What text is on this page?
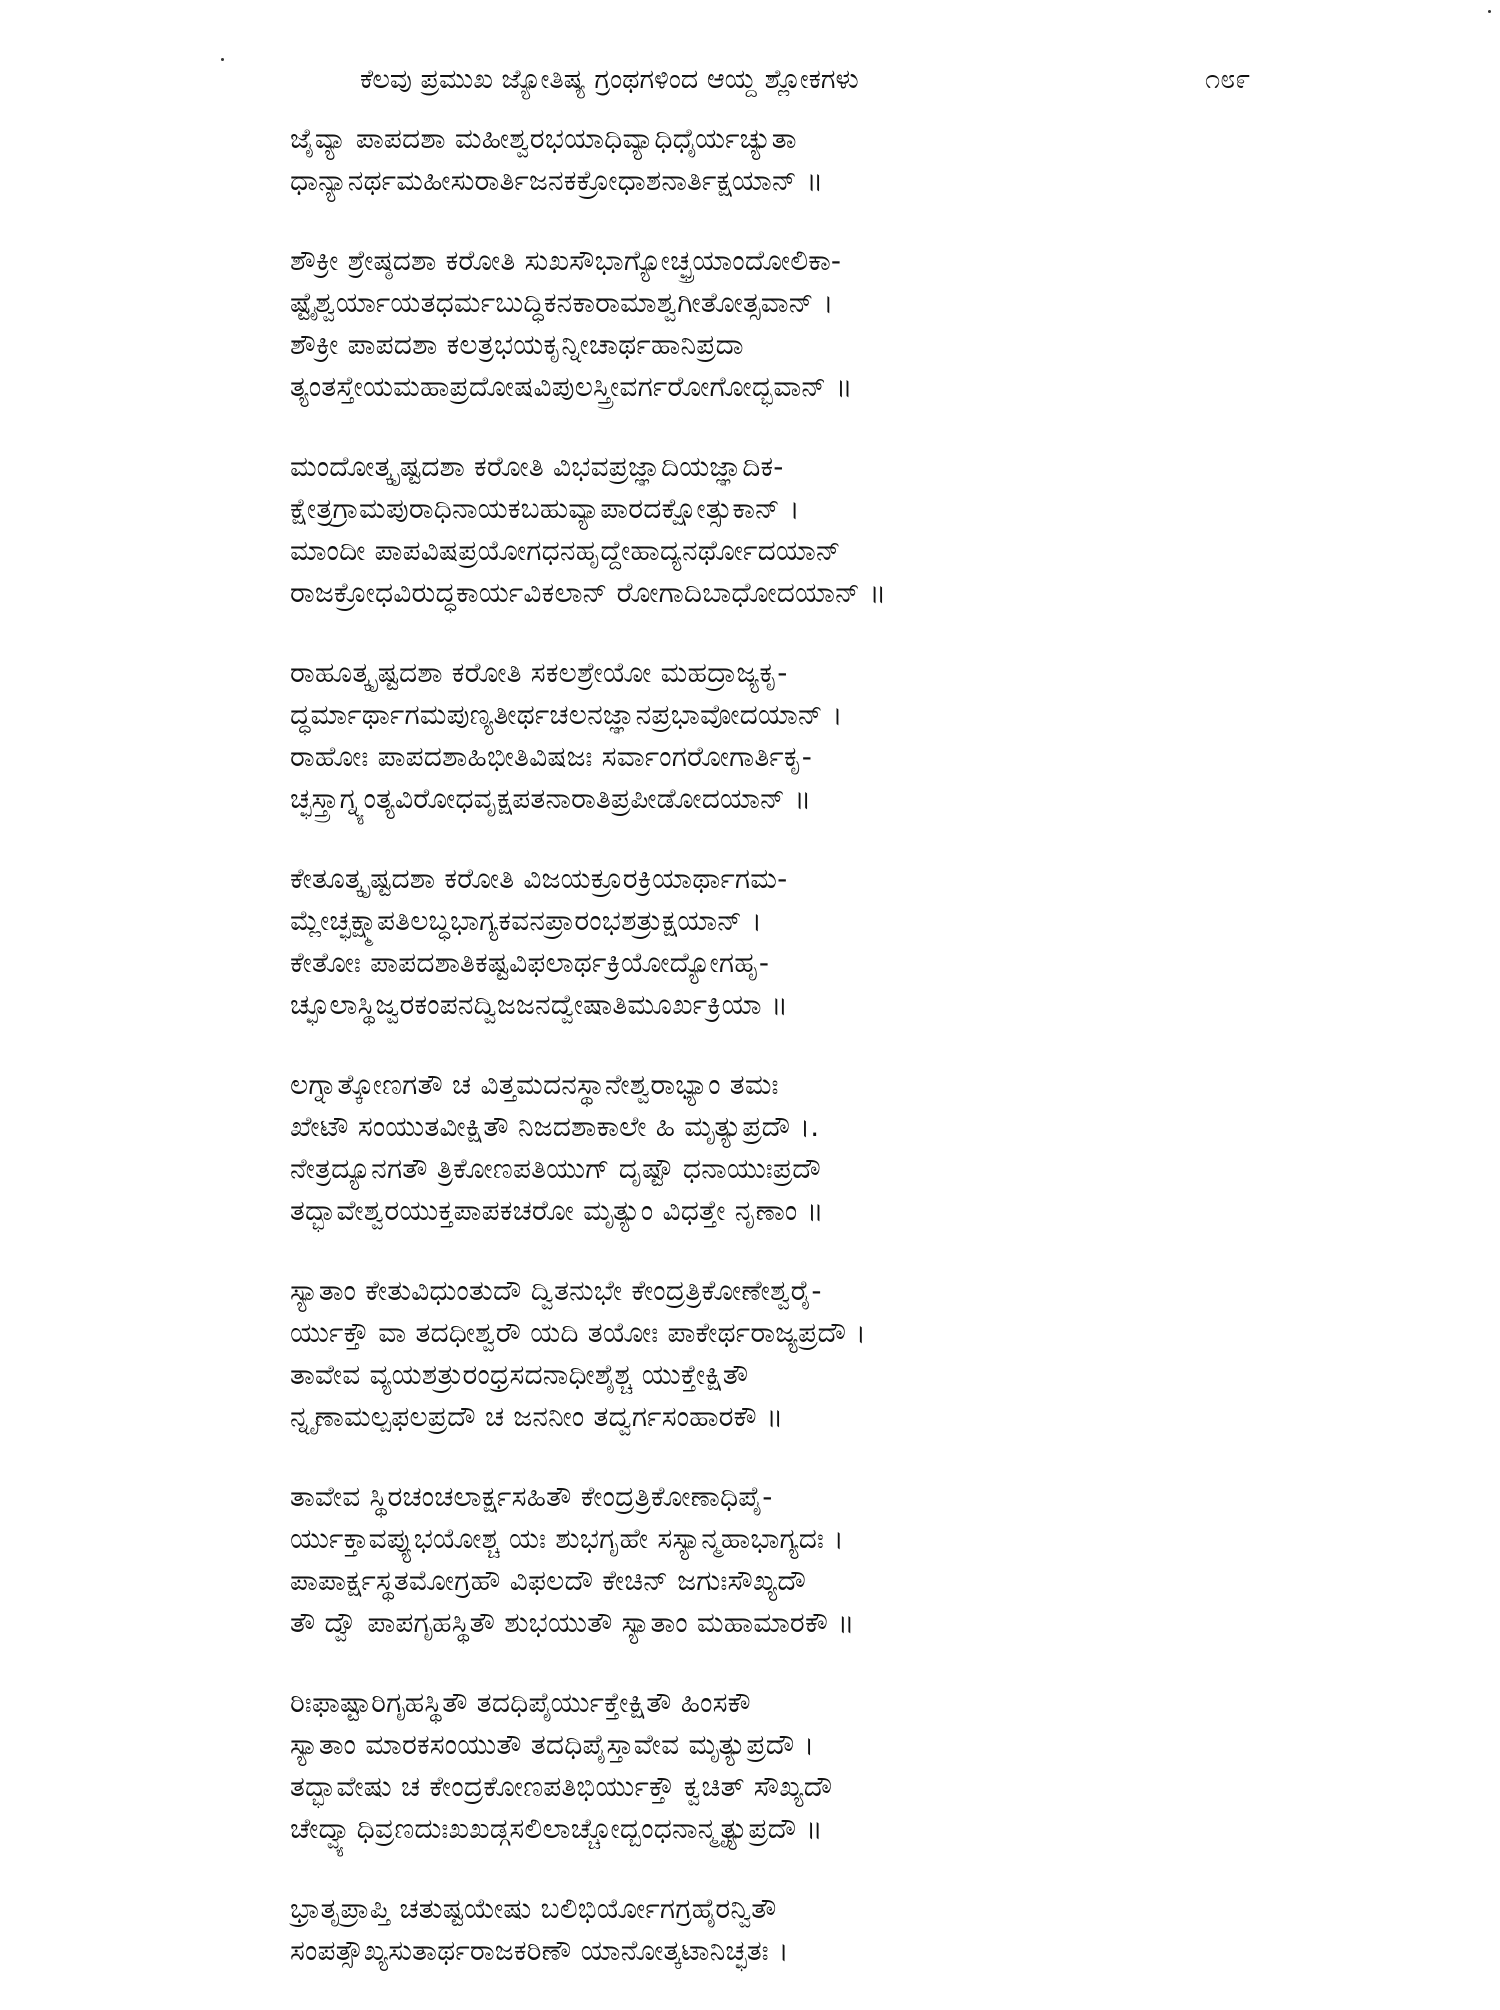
ಕೆಲವು ಪ್ರಮುಖ ಜ್ಯೋತಿಷ್ಯ ಗ್ರಂಥಗಳಿಂದ ಆಯ್ದ ಶ್ಲೋಕಗಳು	೧೮೯
ಜೈವ್ಯಾ ಪಾಪದಶಾ ಮಹೀಶ್ವರಭಯಾಧಿವ್ಯಾಧಿಧೈರ್ಯಚ್ಯುತಾ
ಧಾನ್ಯಾನರ್ಥಮಹೀಸುರಾರ್ತಿಜನಕಕ್ರೋಧಾಶನಾರ್ತಿಕ್ಷಯಾನ್ ॥
ಶೌಕ್ರೀ ಶ್ರೇಷ್ಠದಶಾ ಕರೋತಿ ಸುಖಸೌಭಾಗ್ಯೋಚ್ಛ್ರಯಾಂದೋಲಿಕಾ-
ಷ್ಟೈಶ್ವರ್ಯಾಯತಧರ್ಮಬುದ್ಧಿಕನಕಾರಾಮಾಶ್ವಗೀತೋತ್ಸವಾನ್ ।
ಶೌಕ್ರೀ ಪಾಪದಶಾ ಕಲತ್ರಭಯಕೃನ್ನೀಚಾರ್ಥಹಾನಿಪ್ರದಾ
ತ್ಯಂತಸ್ತೇಯಮಹಾಪ್ರದೋಷವಿಪುಲಸ್ತ್ರೀವರ್ಗರೋಗೋದ್ಭವಾನ್ ॥
ಮಂದೋತ್ಕೃಷ್ಟದಶಾ ಕರೋತಿ ವಿಭವಪ್ರಜ್ಞಾದಿಯಜ್ಞಾದಿಕ-
ಕ್ಷೇತ್ರಗ್ರಾಮಪುರಾಧಿನಾಯಕಬಹುವ್ಯಾಪಾರದಕ್ಷೋತ್ಸುಕಾನ್ ।
ಮಾಂದೀ ಪಾಪವಿಷಪ್ರಯೋಗಧನಹೃದ್ದೇಹಾದ್ಯನರ್ಥೋದಯಾನ್
ರಾಜಕ್ರೋಧವಿರುದ್ಧಕಾರ್ಯವಿಕಲಾನ್ ರೋಗಾದಿಬಾಧೋದಯಾನ್ ॥
ರಾಹೂತ್ಕೃಷ್ಟದಶಾ ಕರೋತಿ ಸಕಲಶ್ರೇಯೋ ಮಹದ್ರಾಜ್ಯಕೃ-
ದ್ಧರ್ಮಾರ್ಥಾಗಮಪುಣ್ಯತೀರ್ಥಚಲನಜ್ಞಾನಪ್ರಭಾವೋದಯಾನ್ ।
ರಾಹೋಃ ಪಾಪದಶಾಹಿಭೀತಿವಿಷಜಃ ಸರ್ವಾಂಗರೋಗಾರ್ತಿಕೃ-
ಚ್ಛಸ್ತ್ರಾಗ್ನ್ಯಂತ್ಯವಿರೋಧವೃಕ್ಷಪತನಾರಾತಿಪ್ರಪೀಡೋದಯಾನ್ ॥
ಕೇತೂತ್ಕೃಷ್ಟದಶಾ ಕರೋತಿ ವಿಜಯಕ್ರೂರಕ್ರಿಯಾರ್ಥಾಗಮ-
ಮ್ಲೇಚ್ಛಕ್ಷ್ಮಾಪತಿಲಬ್ಧಭಾಗ್ಯಕವನಪ್ರಾರಂಭಶತ್ರುಕ್ಷಯಾನ್ ।
ಕೇತೋಃ ಪಾಪದಶಾತಿಕಷ್ಟವಿಫಲಾರ್ಥಕ್ರಿಯೋದ್ಯೋಗಹೃ-
ಚ್ಛೂಲಾಸ್ಥಿಜ್ವರಕಂಪನದ್ವಿಜಜನದ್ವೇಷಾತಿಮೂರ್ಖಕ್ರಿಯಾ ॥
ಲಗ್ನಾತ್ಕೋಣಗತೌ ಚ ವಿತ್ತಮದನಸ್ಥಾನೇಶ್ವರಾಭ್ಯಾಂ ತಮಃ
ಖೇಟೌ ಸಂಯುತವೀಕ್ಷಿತೌ ನಿಜದಶಾಕಾಲೇ ಹಿ ಮೃತ್ಯುಪ್ರದೌ ।.
ನೇತ್ರದ್ಯೂನಗತೌ ತ್ರಿಕೋಣಪತಿಯುಗ್ ದೃಷ್ಟೌ ಧನಾಯುಃಪ್ರದೌ
ತದ್ಭಾವೇಶ್ವರಯುಕ್ತಪಾಪಕಚರೋ ಮೃತ್ಯುಂ ವಿಧತ್ತೇ ನೃಣಾಂ ॥
ಸ್ಯಾತಾಂ ಕೇತುವಿಧುಂತುದೌ ದ್ವಿತನುಭೇ ಕೇಂದ್ರತ್ರಿಕೋಣೇಶ್ವರೈ-
ರ್ಯುಕ್ತೌ ವಾ ತದಧೀಶ್ವರೌ ಯದಿ ತಯೋಃ ಪಾಕೇರ್ಥರಾಜ್ಯಪ್ರದೌ ।
ತಾವೇವ ವ್ಯಯಶತ್ರುರಂಧ್ರಸದನಾಧೀಶೈಶ್ಚ ಯುಕ್ತೇಕ್ಷಿತೌ
ನ್ನೃಣಾಮಲ್ಪಫಲಪ್ರದೌ ಚ ಜನನೀಂ ತದ್ವರ್ಗಸಂಹಾರಕೌ ॥
ತಾವೇವ ಸ್ಥಿರಚಂಚಲಾರ್ಕ್ಷಸಹಿತೌ ಕೇಂದ್ರತ್ರಿಕೋಣಾಧಿಪೈ-
ರ್ಯುಕ್ತಾವಪ್ಯುಭಯೋಶ್ಚ ಯಃ ಶುಭಗೃಹೇ ಸಸ್ಯಾನ್ಮಹಾಭಾಗ್ಯದಃ ।
ಪಾಪಾರ್ಕ್ಷಸ್ಥತಮೋಗ್ರಹೌ ವಿಫಲದೌ ಕೇಚಿನ್ ಜಗುಃಸೌಖ್ಯದೌ
ತೌ ದ್ವೌ ಪಾಪಗೃಹಸ್ಥಿತೌ ಶುಭಯುತೌ ಸ್ಯಾತಾಂ ಮಹಾಮಾರಕೌ ॥
ರಿಃಫಾಷ್ಟಾರಿಗೃಹಸ್ಥಿತೌ ತದಧಿಪೈರ್ಯುಕ್ತೇಕ್ಷಿತೌ ಹಿಂಸಕೌ
ಸ್ಯಾತಾಂ ಮಾರಕಸಂಯುತೌ ತದಧಿಪೈಸ್ತಾವೇವ ಮೃತ್ಯುಪ್ರದೌ ।
ತದ್ಭಾವೇಷು ಚ ಕೇಂದ್ರಕೋಣಪತಿಭಿರ್ಯುಕ್ತೌ ಕ್ವಚಿತ್ ಸೌಖ್ಯದೌ
ಚೇದ್ವ್ಯಾಧಿವ್ರಣದುಃಖಖಡ್ಗಸಲಿಲಾಚ್ಚೋದ್ಬಂಧನಾನ್ಮೃತ್ಯುಪ್ರದೌ ॥
ಭ್ರಾತೃಪ್ರಾಪ್ತಿ ಚತುಷ್ಟಯೇಷು ಬಲಿಭಿರ್ಯೋಗಗ್ರಹೈರನ್ವಿತೌ
ಸಂಪತ್ಸೌಖ್ಯಸುತಾರ್ಥರಾಜಕರಿಣೌ ಯಾನೋತ್ಕಟಾನಿಚ್ಛತಃ ।
